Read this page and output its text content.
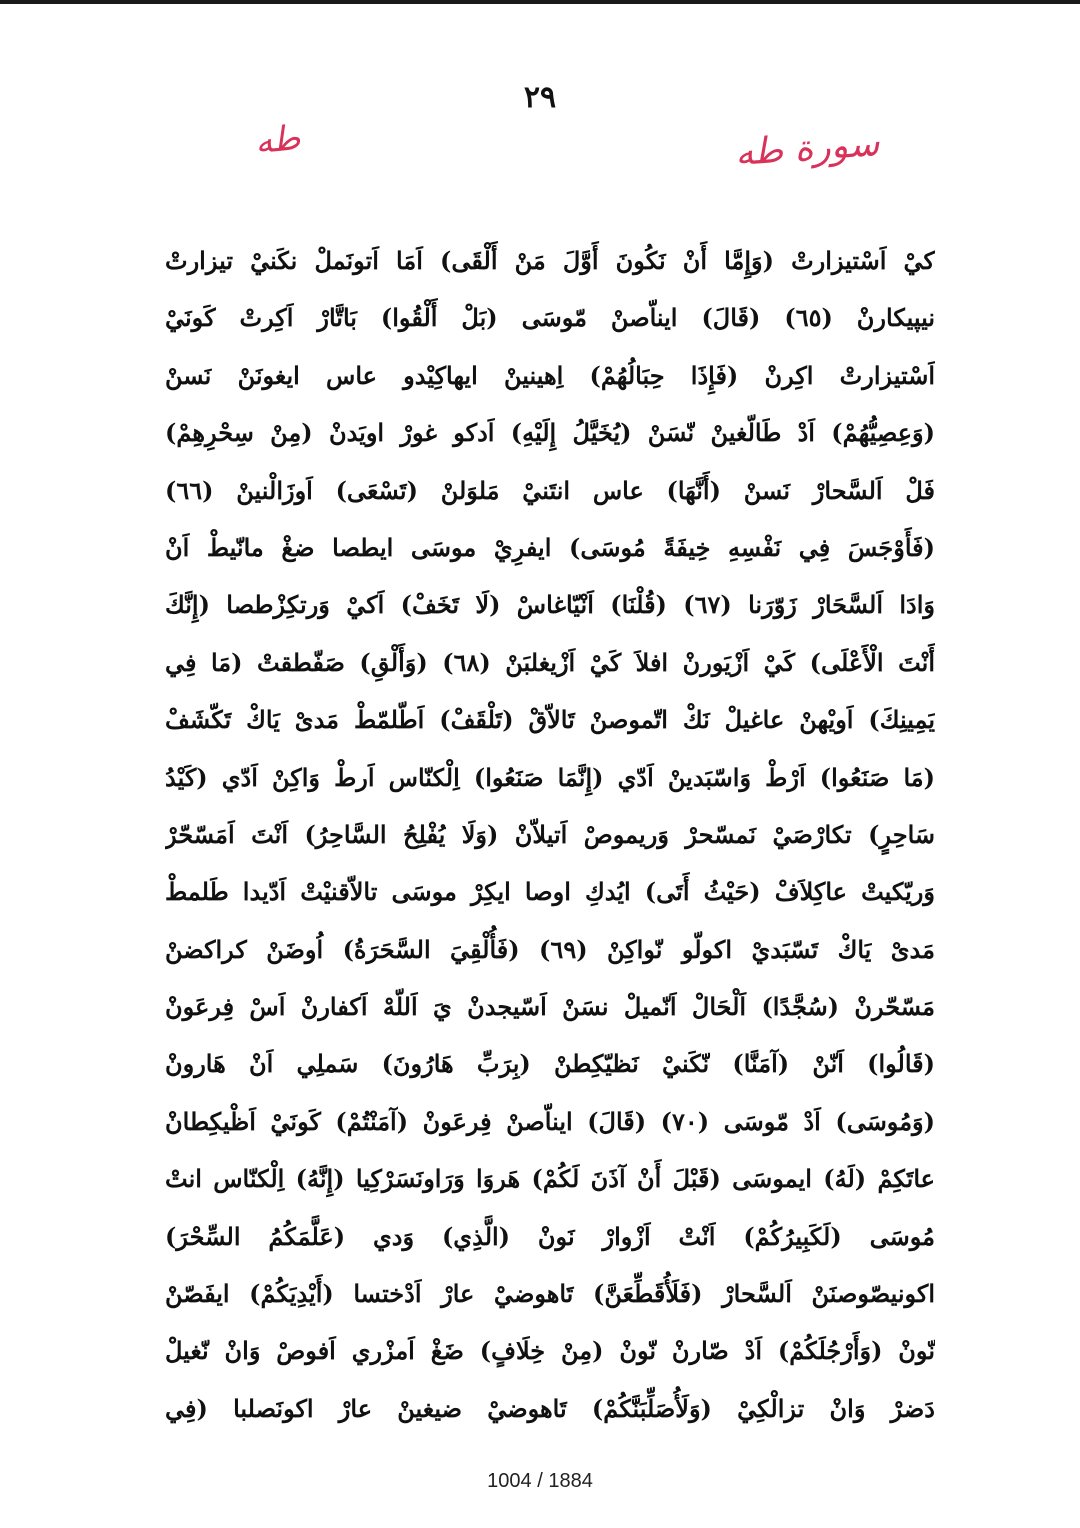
٢٩
طه	سورة طه
كيْ اَسْتيزارتْ (وَإِمَّا أَنْ نَكُونَ أَوَّلَ مَنْ أَلْقَى) اَمَا اَتونَملْ نكَنيْ تيزارتْ
نيپيكارنْ (٦٥) (قَالَ) ايناّصنْ مّوسَى (بَلْ أَلْقُوا) بَاتَّارْ اَكِرتْ كَونَيْ
اَسْتيزارتْ اكِرنْ (فَإِذَا حِبَالُهُمْ) اِهينينْ ايهاكِيْدو عاس ايغونَنْ نَسنْ
(وَعِصِيُّهُمْ) اَدْ طَالّغينْ نّسَنْ (يُخَيَّلُ إِلَيْهِ) اَدكو غورْ اويَدنْ (مِنْ سِحْرِهِمْ)
فَلْ اَلسَّحارْ نَسنْ (أَنَّهَا) عاس انتَنيْ مَلوَلنْ (تَسْعَى) اَوزَالْنينْ (٦٦)
(فَأَوْجَسَ فِي نَفْسِهِ خِيفَةً مُوسَى) ايفرِيْ موسَى ايطصا ضغْ مانّيطْ اَنْ
وَادَا اَلسَّحَارْ زَوّرَنا (٦٧) (قُلْنَا) اَنْيّاغاسْ (لَا تَخَفْ) اَكيْ وَرتكِزْطصا (إِنَّكَ
أَنْتَ الْأَعْلَى) كَيْ اَزْيَورنْ افلاَ كَيْ اَزْيغلبَنْ (٦٨) (وَأَلْقِ) صَفّطقتْ (مَا فِي
يَمِينِكَ) اَويْهنْ عاغيلْ نَكْ اتّموصنْ تَالاّقْ (تَلْقَفْ) اَطّلمّطْ مَدىْ يَاكْ تَكّشَفْ
(مَا صَنَعُوا) اَرْطْ وَاسّبَدينْ اَدّي (إِنَّمَا صَنَعُوا) اِلْكنّاس اَرطْ وَاكِنْ اَدّي (كَيْدُ
سَاحِرٍ) تكارْصَيْ نَمسّحرْ وَريموصْ اَتيلاّنْ (وَلَا يُفْلِحُ السَّاحِرُ) اَنْتَ اَمَسّحّرْ
وَريّكيتْ عاكِلاَفْ (حَيْثُ أَتَى) ايُدكِ اوصا ايكِرْ موسَى تالاّقنيْتْ اَدّيدا طَلمطْ
مَدىْ يَاكْ تَسّبَديْ اكولّو نّواكِنْ (٦٩) (فَأُلْقِيَ السَّحَرَةُ) اُوضَنْ كراكضنْ
مَسّحّرنْ (سُجَّدًا) اَلْحَالْ اَنّميلْ نسَنْ اَسّيجدنْ يَ اَللّهْ اَكفارنْ اَسْ فِرعَونْ
(قَالُوا) اَنّنْ (آمَنَّا) نّكَنيْ نَظيّكِطنْ (بِرَبِّ هَارُونَ) سَملِي اَنْ هَارونْ
(وَمُوسَى) اَدْ مّوسَى (٧٠) (قَالَ) ايناّصنْ فِرعَونْ (آمَنْتُمْ) كَونَيْ اَظْيكِطانْ
عاتَكِمْ (لَهُ) ايموسَى (قَبْلَ أَنْ آذَنَ لَكُمْ) هَروَا وَرَاونَسَرْكِيا (إِنَّهُ) اِلْكنّاس انتْ
مُوسَى (لَكَبِيرُكُمْ) اَنْتْ اَزْوارْ نَونْ (الَّذِي) وَدي (عَلَّمَكُمُ السِّحْرَ)
اكونيصّوصنَنْ اَلسَّحارْ (فَلَأُقَطِّعَنَّ) تَاهوضيْ عارْ اَدْختسا (أَيْدِيَكُمْ) ايفَصّنْ
نّونْ (وَأَرْجُلَكُمْ) اَدْ صّارنْ نّونْ (مِنْ خِلَافٍ) ضَغْ اَمزْري اَفوصْ وَانْ نّغيلْ
دَضرْ وَانْ تزالْكِيْ (وَلَأُصَلِّبَنَّكُمْ) تَاهوضيْ ضيغينْ عارْ اكونَصلبا (فِي
1004 / 1884
